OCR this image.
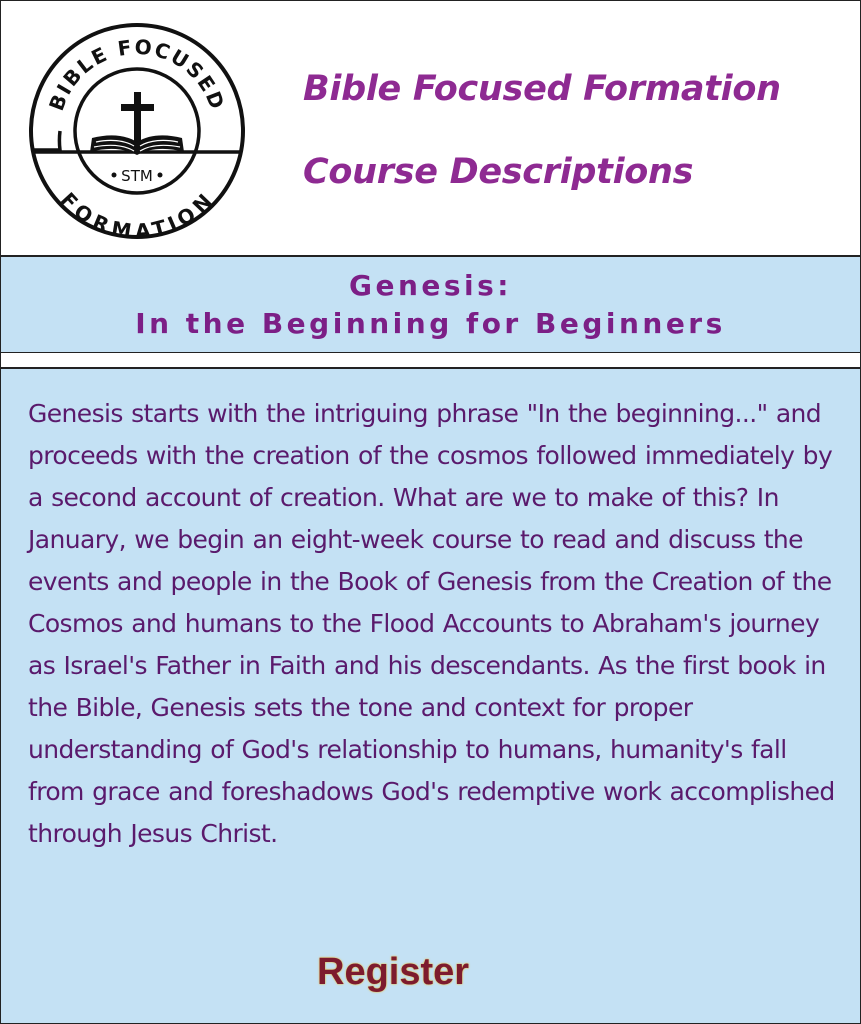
BIBLE FOCUSED
FORMATION
STM
Bible Focused Formation
Course Descriptions
Genesis:
In the Beginning for Beginners

Genesis starts with the intriguing phrase "In the beginning..." and proceeds with the creation of the cosmos followed immediately by a second account of creation. What are we to make of this? In January, we begin an eight-week course to read and discuss the events and people in the Book of Genesis from the Creation of the Cosmos and humans to the Flood Accounts to Abraham's journey as Israel's Father in Faith and his descendants. As the first book in the Bible, Genesis sets the tone and context for proper understanding of God's relationship to humans, humanity's fall from grace and foreshadows God's redemptive work accomplished through Jesus Christ.

Register
